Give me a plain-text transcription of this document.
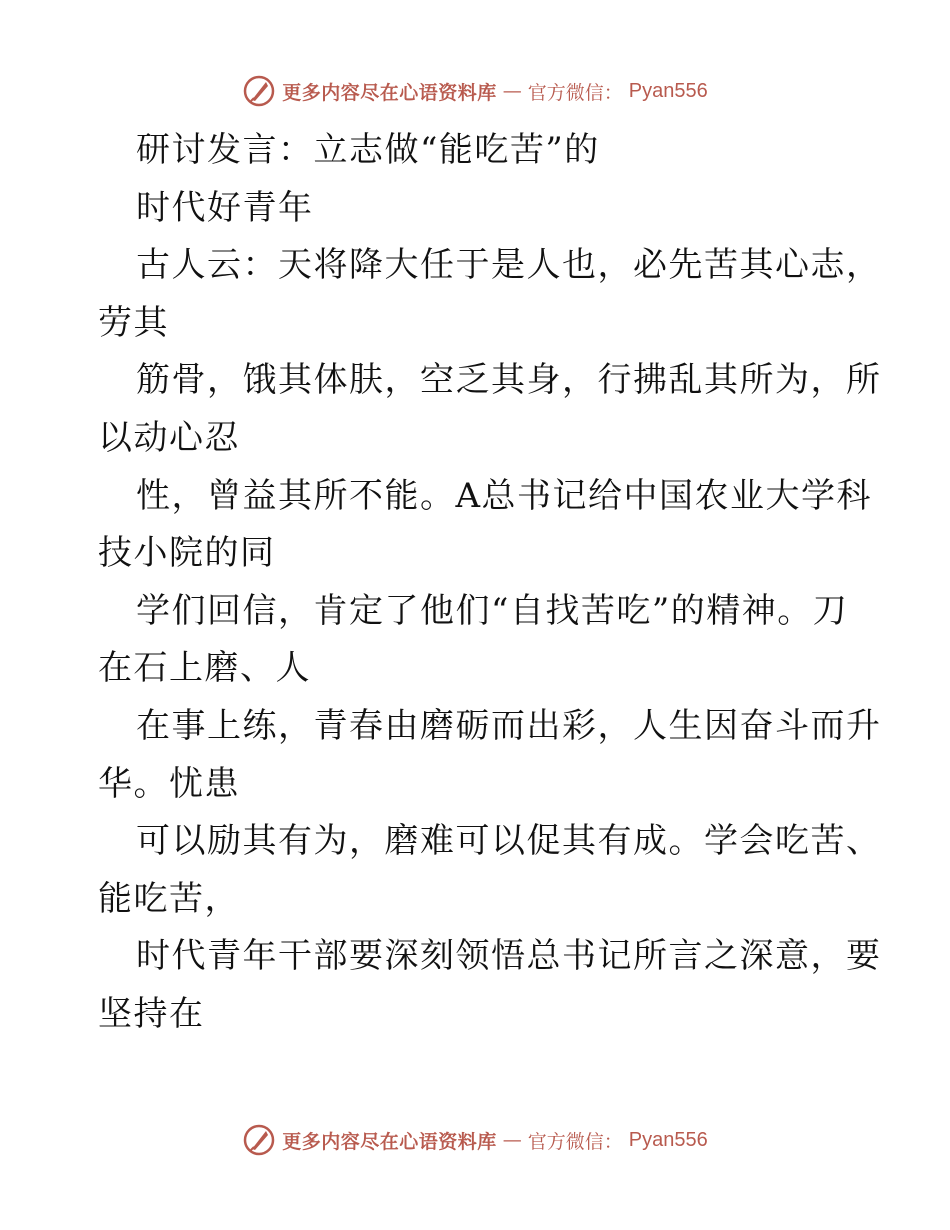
更多内容尽在心语资料库 — 官方微信： Pyan556
研讨发言：立志做“能吃苦”的
时代好青年
古人云：天将降大任于是人也，必先苦其心志，
劳其
筋骨，饿其体肤，空乏其身，行拂乱其所为，所
以动心忍
性，曾益其所不能。A总书记给中国农业大学科
技小院的同
学们回信，肯定了他们“自找苦吃”的精神。刀
在石上磨、人
在事上练，青春由磨砺而出彩，人生因奋斗而升
华。忧患
可以励其有为，磨难可以促其有成。学会吃苦、
能吃苦，
时代青年干部要深刻领悟总书记所言之深意，要
坚持在
更多内容尽在心语资料库 — 官方微信： Pyan556
